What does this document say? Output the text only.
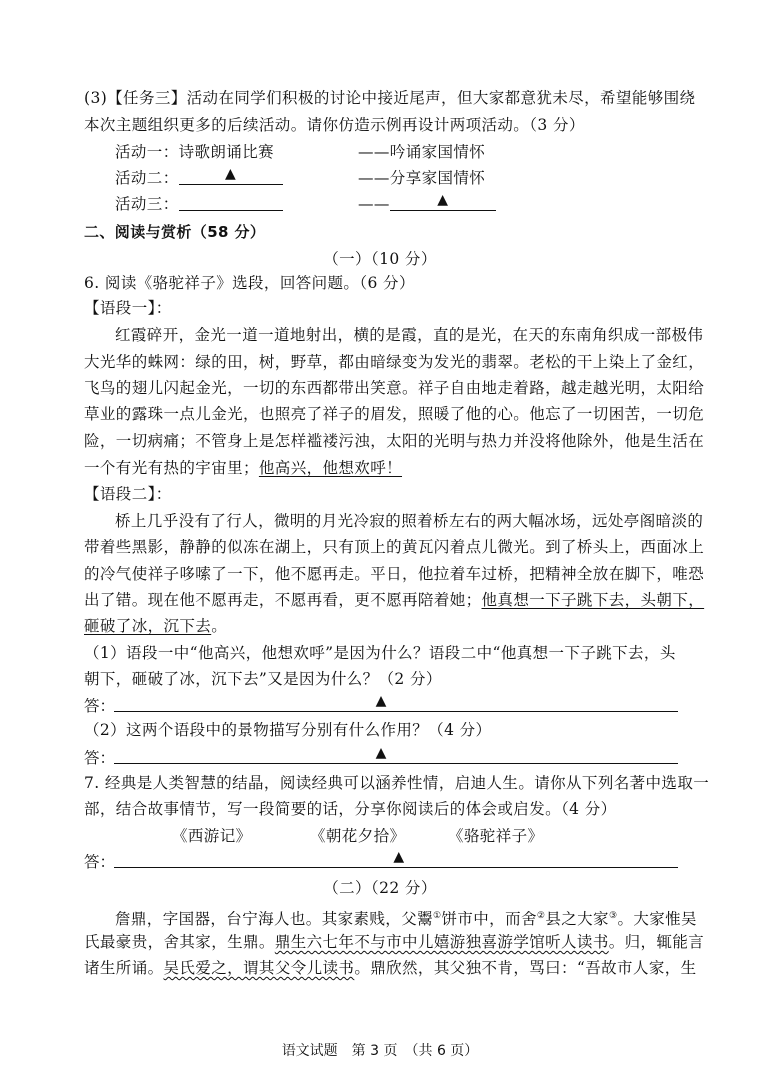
(3)【任务三】活动在同学们积极的讨论中接近尾声，但大家都意犹未尽，希望能够围绕
本次主题组织更多的后续活动。请你仿造示例再设计两项活动。（3 分）
活动一：诗歌朗诵比赛	——吟诵家国情怀
活动二：	▲	——分享家国情怀
活动三：	——	▲
二、阅读与赏析（58 分）
（一）（10 分）
6. 阅读《骆驼祥子》选段，回答问题。（6 分）
【语段一】：
红霞碎开，金光一道一道地射出，横的是霞，直的是光，在天的东南角织成一部极伟
大光华的蛛网：绿的田，树，野草，都由暗绿变为发光的翡翠。老松的干上染上了金红，
飞鸟的翅儿闪起金光，一切的东西都带出笑意。祥子自由地走着路，越走越光明，太阳给
草业的露珠一点儿金光，也照亮了祥子的眉发，照暖了他的心。他忘了一切困苦，一切危
险，一切病痛；不管身上是怎样褴褛污浊，太阳的光明与热力并没将他除外，他是生活在
一个有光有热的宇宙里；他高兴，他想欢呼！
【语段二】：
桥上几乎没有了行人，微明的月光冷寂的照着桥左右的两大幅冰场，远处亭阁暗淡的
带着些黑影，静静的似冻在湖上，只有顶上的黄瓦闪着点儿微光。到了桥头上，西面冰上
的冷气使祥子哆嗦了一下，他不愿再走。平日，他拉着车过桥，把精神全放在脚下，唯恐
出了错。现在他不愿再走，不愿再看，更不愿再陪着她；他真想一下子跳下去，头朝下，
砸破了冰，沉下去。
（1）语段一中“他高兴，他想欢呼”是因为什么？语段二中“他真想一下子跳下去，头
朝下，砸破了冰，沉下去”又是因为什么？（2 分）
答：	▲
（2）这两个语段中的景物描写分别有什么作用？（4 分）
答：	▲
7. 经典是人类智慧的结晶，阅读经典可以涵养性情，启迪人生。请你从下列名著中选取一
部，结合故事情节，写一段简要的话，分享你阅读后的体会或启发。（4 分）
《西游记》	《朝花夕拾》	《骆驼祥子》
答：	▲
（二）（22 分）
詹鼎，字国器，台宁海人也。其家素贱，父鬻①饼市中，而舍②县之大家③。大家惟吴
氏最豪贵，舍其家，生鼎。鼎生六七年不与市中儿嬉游独喜游学馆听人读书。归，辄能言
诸生所诵。吴氏爱之，谓其父令儿读书。鼎欣然，其父独不肯，骂曰：“吾故市人家，生
语文试题　第 3 页　（共 6 页）
